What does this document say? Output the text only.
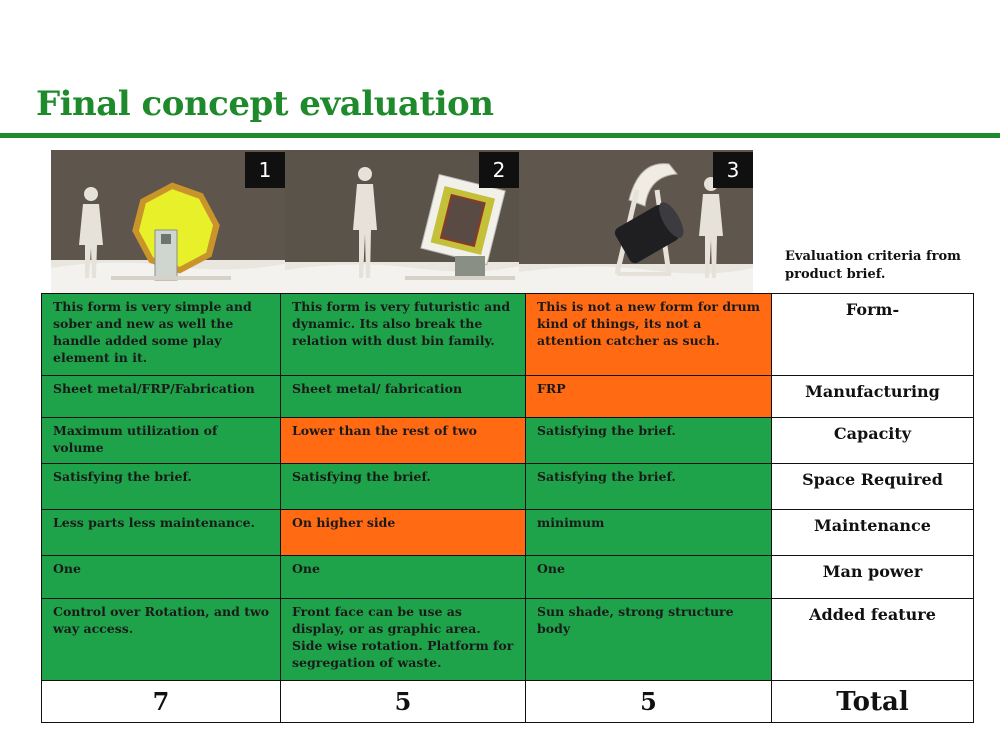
Final concept evaluation
1	2	3
Evaluation criteria from product brief.
This form is very simple and sober and new as well the handle added some play element in it.	This form is very futuristic and dynamic. Its also break the relation with dust bin family.	This is not a new form for drum kind of things, its not a attention catcher as such.	Form-

Sheet metal/FRP/Fabrication	Sheet metal/ fabrication	FRP	Manufacturing

Maximum utilization of volume	Lower than the rest of two	Satisfying the brief.	Capacity

Satisfying the brief.	Satisfying the brief.	Satisfying the brief.	Space Required

Less parts less maintenance.	On higher side	minimum	Maintenance

One	One	One	Man power

Control over Rotation, and two way access.	Front face can be use as display, or as graphic area. Side wise rotation. Platform for segregation of waste.	Sun shade, strong structure body	Added feature

7	5	5	Total
